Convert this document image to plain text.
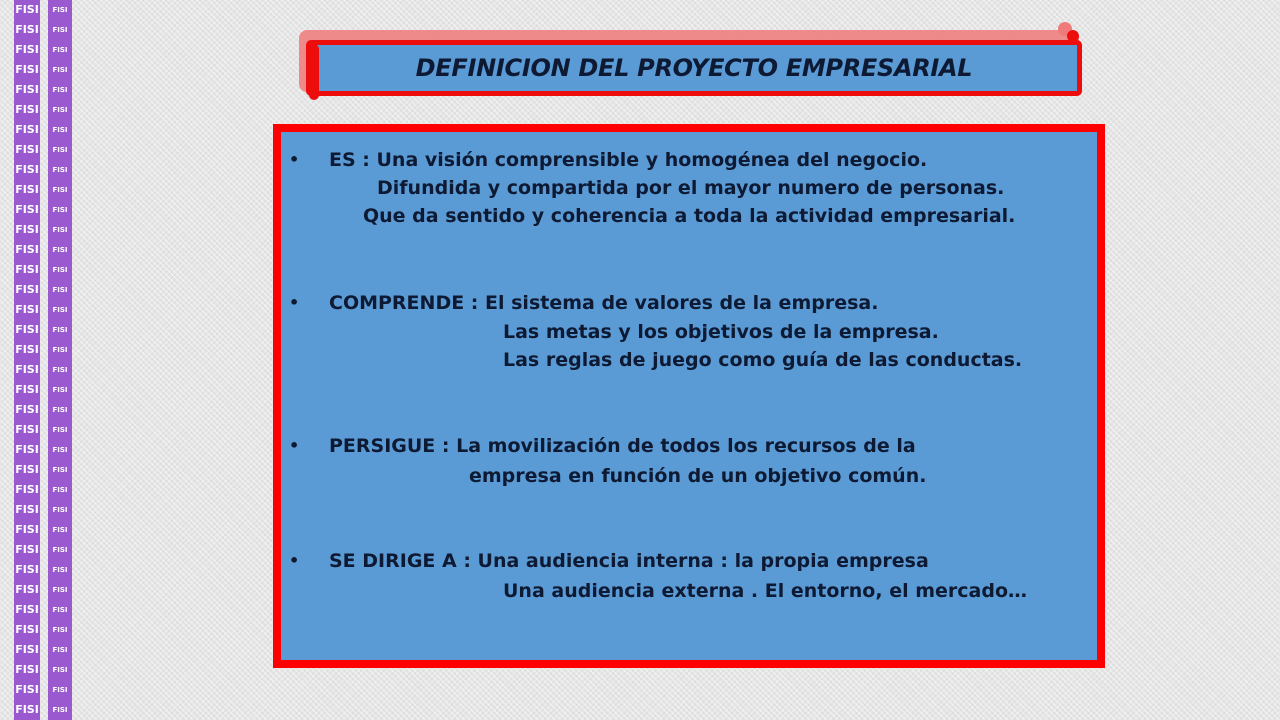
FISI
FISI
FISI
FISI
FISI
FISI
FISI
FISI
FISI
FISI
FISI
FISI
FISI
FISI
FISI
FISI
FISI
FISI
FISI
FISI
FISI
FISI
FISI
FISI
FISI
FISI
FISI
FISI
FISI
FISI
FISI
FISI
FISI
FISI
FISI
FISI
FISI
FISI
FISI
FISI
FISI
FISI
FISI
FISI
FISI
FISI
FISI
FISI
FISI
FISI
FISI
FISI
FISI
FISI
FISI
FISI
FISI
FISI
FISI
FISI
FISI
FISI
FISI
FISI
FISI
FISI
FISI
FISI
FISI
FISI
FISI
FISI
DEFINICION DEL PROYECTO EMPRESARIAL
• ES : Una visión comprensible y homogénea del negocio.
Difundida y compartida por el mayor numero de personas.
Que da sentido y coherencia a toda la actividad empresarial.
• COMPRENDE : El sistema de valores de la empresa.
Las metas y los objetivos de la empresa.
Las reglas de juego como guía de las conductas.
• PERSIGUE : La movilización de todos los recursos de la
empresa en función de un objetivo común.
• SE DIRIGE A : Una audiencia interna : la propia empresa
Una audiencia externa . El entorno, el mercado…
